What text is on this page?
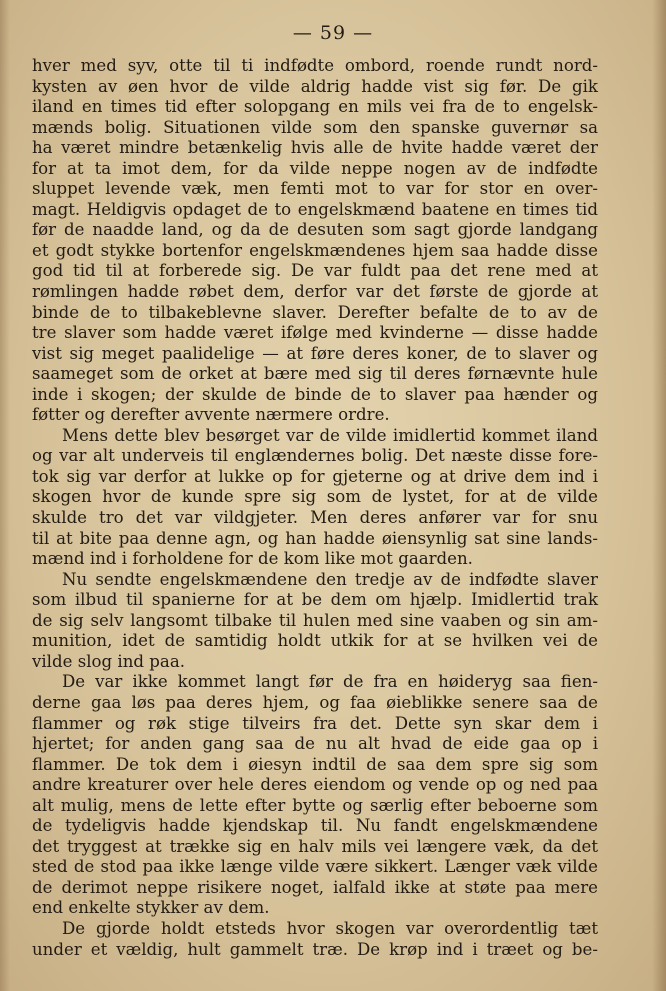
— 59 —
hver med syv, otte til ti indfødte ombord, roende rundt nord-
kysten av øen hvor de vilde aldrig hadde vist sig før. De gik
iland en times tid efter solopgang en mils vei fra de to engelsk-
mænds bolig. Situationen vilde som den spanske guvernør sa
ha været mindre betænkelig hvis alle de hvite hadde været der
for at ta imot dem, for da vilde neppe nogen av de indfødte
sluppet levende væk, men femti mot to var for stor en over-
magt. Heldigvis opdaget de to engelskmænd baatene en times tid
før de naadde land, og da de desuten som sagt gjorde landgang
et godt stykke bortenfor engelskmændenes hjem saa hadde disse
god tid til at forberede sig. De var fuldt paa det rene med at
rømlingen hadde røbet dem, derfor var det første de gjorde at
binde de to tilbakeblevne slaver. Derefter befalte de to av de
tre slaver som hadde været ifølge med kvinderne — disse hadde
vist sig meget paalidelige — at føre deres koner, de to slaver og
saameget som de orket at bære med sig til deres førnævnte hule
inde i skogen; der skulde de binde de to slaver paa hænder og
føtter og derefter avvente nærmere ordre.
Mens dette blev besørget var de vilde imidlertid kommet iland
og var alt underveis til englændernes bolig. Det næste disse fore-
tok sig var derfor at lukke op for gjeterne og at drive dem ind i
skogen hvor de kunde spre sig som de lystet, for at de vilde
skulde tro det var vildgjeter. Men deres anfører var for snu
til at bite paa denne agn, og han hadde øiensynlig sat sine lands-
mænd ind i forholdene for de kom like mot gaarden.
Nu sendte engelskmændene den tredje av de indfødte slaver
som ilbud til spanierne for at be dem om hjælp. Imidlertid trak
de sig selv langsomt tilbake til hulen med sine vaaben og sin am-
munition, idet de samtidig holdt utkik for at se hvilken vei de
vilde slog ind paa.
De var ikke kommet langt før de fra en høideryg saa fien-
derne gaa løs paa deres hjem, og faa øieblikke senere saa de
flammer og røk stige tilveirs fra det. Dette syn skar dem i
hjertet; for anden gang saa de nu alt hvad de eide gaa op i
flammer. De tok dem i øiesyn indtil de saa dem spre sig som
andre kreaturer over hele deres eiendom og vende op og ned paa
alt mulig, mens de lette efter bytte og særlig efter beboerne som
de tydeligvis hadde kjendskap til. Nu fandt engelskmændene
det tryggest at trække sig en halv mils vei længere væk, da det
sted de stod paa ikke længe vilde være sikkert. Længer væk vilde
de derimot neppe risikere noget, ialfald ikke at støte paa mere
end enkelte stykker av dem.
De gjorde holdt etsteds hvor skogen var overordentlig tæt
under et vældig, hult gammelt træ. De krøp ind i træet og be-
